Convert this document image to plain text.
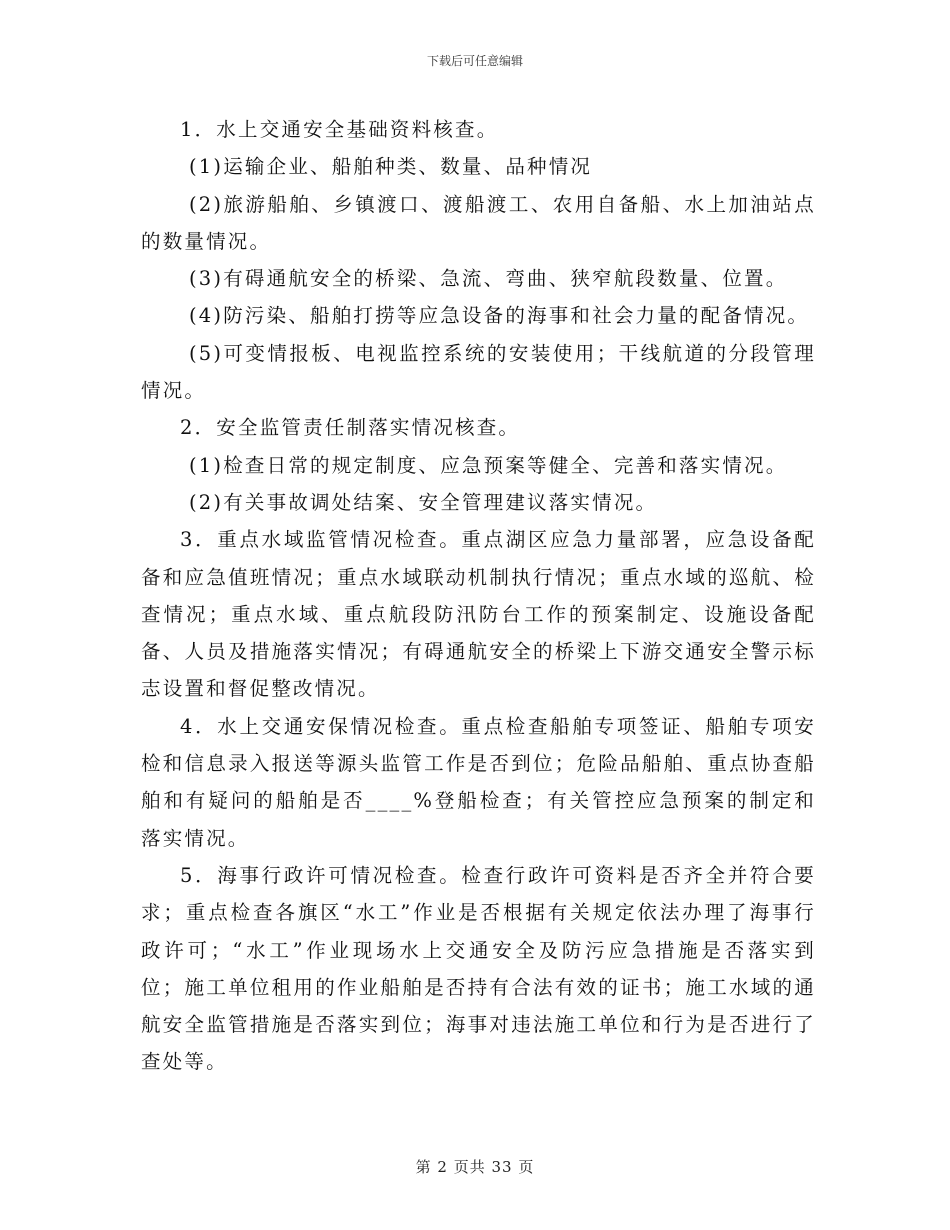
下载后可任意编辑

1．水上交通安全基础资料核查。

(1)运输企业、船舶种类、数量、品种情况

(2)旅游船舶、乡镇渡口、渡船渡工、农用自备船、水上加油站点的数量情况。

(3)有碍通航安全的桥梁、急流、弯曲、狭窄航段数量、位置。

(4)防污染、船舶打捞等应急设备的海事和社会力量的配备情况。

(5)可变情报板、电视监控系统的安装使用；干线航道的分段管理情况。

2．安全监管责任制落实情况核查。

(1)检查日常的规定制度、应急预案等健全、完善和落实情况。

(2)有关事故调处结案、安全管理建议落实情况。

3．重点水域监管情况检查。重点湖区应急力量部署，应急设备配备和应急值班情况；重点水域联动机制执行情况；重点水域的巡航、检查情况；重点水域、重点航段防汛防台工作的预案制定、设施设备配备、人员及措施落实情况；有碍通航安全的桥梁上下游交通安全警示标志设置和督促整改情况。

4．水上交通安保情况检查。重点检查船舶专项签证、船舶专项安检和信息录入报送等源头监管工作是否到位；危险品船舶、重点协查船舶和有疑问的船舶是否____%登船检查；有关管控应急预案的制定和落实情况。

5．海事行政许可情况检查。检查行政许可资料是否齐全并符合要求；重点检查各旗区“水工”作业是否根据有关规定依法办理了海事行政许可；“水工”作业现场水上交通安全及防污应急措施是否落实到位；施工单位租用的作业船舶是否持有合法有效的证书；施工水域的通航安全监管措施是否落实到位；海事对违法施工单位和行为是否进行了查处等。

第 2 页共 33 页
